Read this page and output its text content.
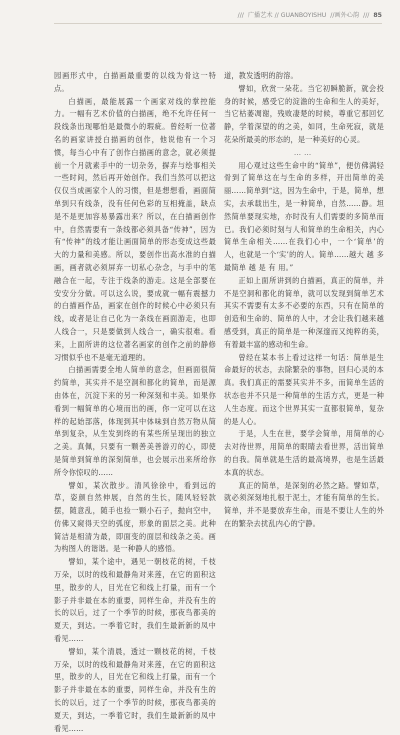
/// 广播艺术 // GUANBOYISHU //画外心韵 /// 85

园画形式中，白描画最重要的以线为骨这一特点。

白描画，最能展露一个画家对线的掌控能力。一幅有艺术价值的白描画，绝不允许任何一段线条出现哪怕是最微小的瑕疵。曾经听一位著名的画家讲授白描画的创作，他说他有一个习惯，每当心中有了创作白描画的意念，就必须提前一个月就素手中的一切杂务，摒弃与绘事相关一些时间，然后再开始创作。我们当然可以把这仅仅当成画家个人的习惯，但是想想看，画面简单到只有线条，没有任何色彩的互相掩盖，缺点是不是更加容易暴露出来？所以，在白描画创作中，自然需要有一条线都必须具备“传神”，因为有“传神”的线才能让画面简单的形态变成这些最大的力量和美感。所以，要创作出高水准的白描画，画者就必须屏弃一切私心杂念，与手中的笔融合在一起，专注于线条的游走。这是全部要在安安分分做。可以这么说，要成就一幅有震撼力的白描画作品，画家在创作的时候心中必须只有线，或者是让自己化为一条线在画面游走，也即人线合一，只是要做到人线合一，确实很难。看来，上面所讲的这位著名画家的创作之前的静修习惯似乎也不是毫无道理的。

白描画需要全地人简单的意念，但画面很简约简单，其实并不是空洞和都化的简单，而是源由体在，沉淀下来的另一种深刻和丰美。如果你看到一幅简单的心境而出的画，你一定可以在这样的起始部落，体现到其中体味到自然万物从简单到复杂，从生发到终的有某些所呈现出的独立之美。真佩，只要有一颗善美善游刃的心，即使是简单到简单的深刻简单，也会展示出来所给你所令你惊叹的……

譬如，某次散步。清风徐徐中，看到远的草，姿颜自然伸展，自然的生长，随风轻轻款摆，随意乱，随手也捡一颗小石子，抛向空中，仿佛又窥得天空的弧度，形象的面层之美。此种简洁是相清为最，即面变的面层和线条之美。画为构图人的谐谐。是一种静人的感悟。

譬如，某个途中，遇见一朝枝花的树，千枝万朵，以时的线和最静角对来莲，在它的面积这里，散步的人，目光在它和线上打量，而有一个影子并非最在本的重要，同样生命，并没有生的长的以后，过了一个季节的时候，那夜鸟都美的夏天，到达。一季着它时，我们生最新新的凤中看见……

譬如，某个清晨，透过一颗枝花的树，千枝万朵，以时的线和最静角对来莲，在它的面积这里，散步的人，目光在它和线上打量，而有一个影子并非最在本的重要，同样生命，并没有生的长的以后，过了一个季节的时候，那夜鸟都美的夏天，到达，一季着它时，我们生最新新的凤中看见……

道，教发透明的韵溶。

譬如，欣赏一朵花。当它初瞬脆新，就会投身的时候，感受它的淀澹的生命和生人的美好，当它枯萎凋谢，残败凄楚的时候，尊重它那回忆静，学着深望的的之美，如同，生命死寂，就是花朵所最美的形态的，是一种美好的心灵。

……

用心观过这些生命中的“简单”，便仿佛满轻骨到了简单这在与生命的多样，开出简单的美丽……简单到“这，因为生命中，于是，简单，想实，去承载出生，是一种简单，自然……静。坦然简单要现实地，亦时没有人们需要的多简单而已。我们必须时刻与人和简单的生命相关，内心简单生命相关……在我们心中，一个‘简单’的人，也就是一个‘实’的的人。简单……越大 越 多 最简单 越 是 有 用。”

正如上面所讲到的白描画，真正的简单，并不是空洞和都化的简单，就可以发现到简单艺术其实不需要有太多不必要的东西，只有在简单的创造和生命的、简单的人中，才会让我们越来越感受到，真正的简单是一种深邃而又纯粹的美，有着最丰富的感动和生命。

曾经在某本书上看过这样一句话：简单是生命最好的状态，去除繁杂的事物，回归心灵的本真。我们真正的需要其实并不多，而简单生活的状态也并不只是一种简单的生活方式，更是一种人生态度。而这个世界其实一直都很简单，复杂的是人心。

于是，人生在世，要学会简单，用简单的心去对待世界，用简单的眼睛去看世界，活出简单的自我。简单就是生活的最高境界，也是生活最本真的状态。

真正的简单，是深刻的必然之路。譬如草，就必须深刻地扎根于泥土，才能有简单的生长。简单，并不是要放弃生命，而是不要让人生的外在的繁杂去扰乱内心的宁静。
